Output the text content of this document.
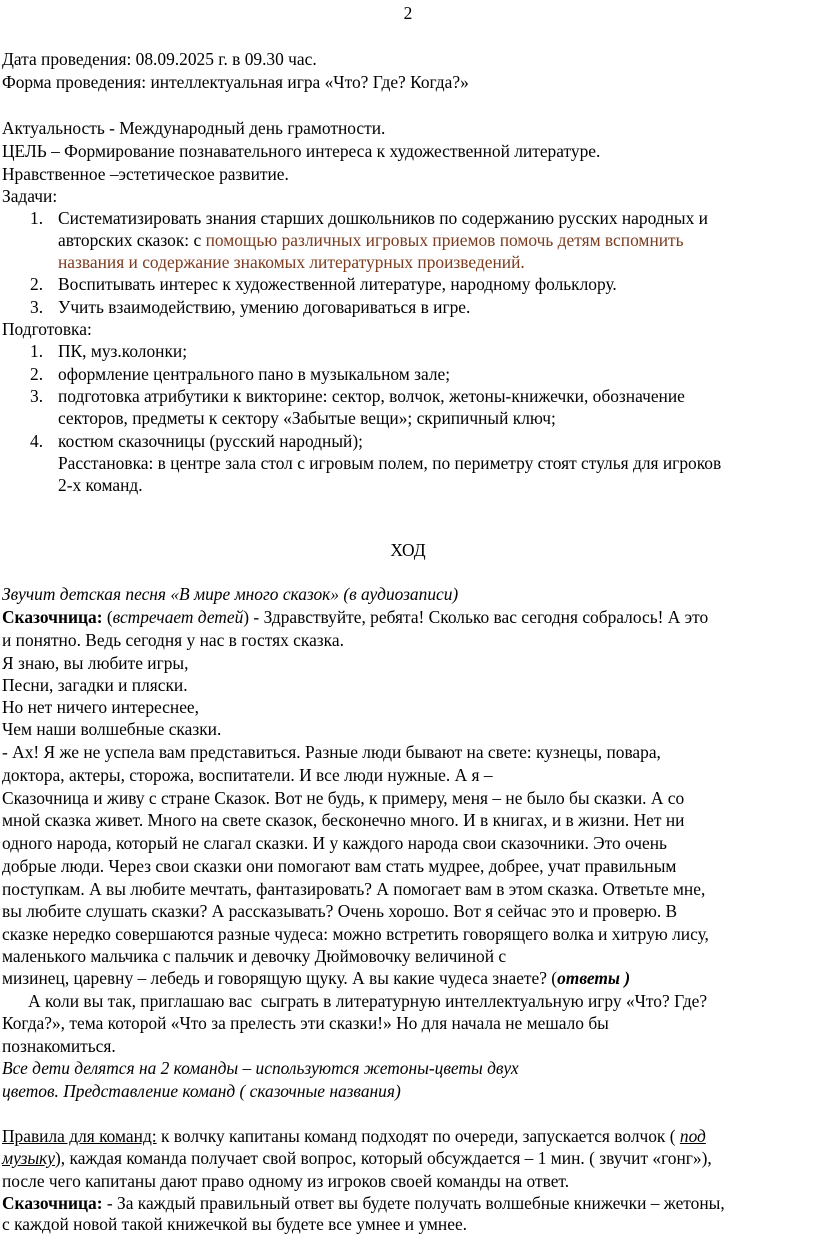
2
Дата проведения: 08.09.2025 г. в 09.30 час.
Форма проведения: интеллектуальная игра «Что? Где? Когда?»
Актуальность - Международный день грамотности.
ЦЕЛЬ – Формирование познавательного интереса к художественной литературе.
Нравственное –эстетическое развитие.
Задачи:
1. Систематизировать знания старших дошкольников по содержанию русских народных и
авторских сказок: с помощью различных игровых приемов помочь детям вспомнить
названия и содержание знакомых литературных произведений.
2. Воспитывать интерес к художественной литературе, народному фольклору.
3. Учить взаимодействию, умению договариваться в игре.
Подготовка:
1. ПК, муз.колонки;
2. оформление центрального пано в музыкальном зале;
3. подготовка атрибутики к викторине: сектор, волчок, жетоны-книжечки, обозначение
секторов, предметы к сектору «Забытые вещи»; скрипичный ключ;
4. костюм сказочницы (русский народный);
Расстановка: в центре зала стол с игровым полем, по периметру стоят стулья для игроков
2-х команд.
ХОД
Звучит детская песня «В мире много сказок» (в аудиозаписи)
Сказочница: (встречает детей) - Здравствуйте, ребята! Сколько вас сегодня собралось! А это
и понятно. Ведь сегодня у нас в гостях сказка.
Я знаю, вы любите игры,
Песни, загадки и пляски.
Но нет ничего интереснее,
Чем наши волшебные сказки.
- Ах! Я же не успела вам представиться. Разные люди бывают на свете: кузнецы, повара,
доктора, актеры, сторожа, воспитатели. И все люди нужные. А я –
Сказочница и живу с стране Сказок. Вот не будь, к примеру, меня – не было бы сказки. А со
мной сказка живет. Много на свете сказок, бесконечно много. И в книгах, и в жизни. Нет ни
одного народа, который не слагал сказки. И у каждого народа свои сказочники. Это очень
добрые люди. Через свои сказки они помогают вам стать мудрее, добрее, учат правильным
поступкам. А вы любите мечтать, фантазировать? А помогает вам в этом сказка. Ответьте мне,
вы любите слушать сказки? А рассказывать? Очень хорошо. Вот я сейчас это и проверю. В
сказке нередко совершаются разные чудеса: можно встретить говорящего волка и хитрую лису,
маленького мальчика с пальчик и девочку Дюймовочку величиной с
мизинец, царевну – лебедь и говорящую щуку. А вы какие чудеса знаете? (ответы )
А коли вы так, приглашаю вас  сыграть в литературную интеллектуальную игру «Что? Где?
Когда?», тема которой «Что за прелесть эти сказки!» Но для начала не мешало бы
познакомиться.
Все дети делятся на 2 команды – используются жетоны-цветы двух
цветов. Представление команд ( сказочные названия)
Правила для команд: к волчку капитаны команд подходят по очереди, запускается волчок ( под
музыку), каждая команда получает свой вопрос, который обсуждается – 1 мин. ( звучит «гонг»),
после чего капитаны дают право одному из игроков своей команды на ответ.
Сказочница: - За каждый правильный ответ вы будете получать волшебные книжечки – жетоны,
с каждой новой такой книжечкой вы будете все умнее и умнее.
